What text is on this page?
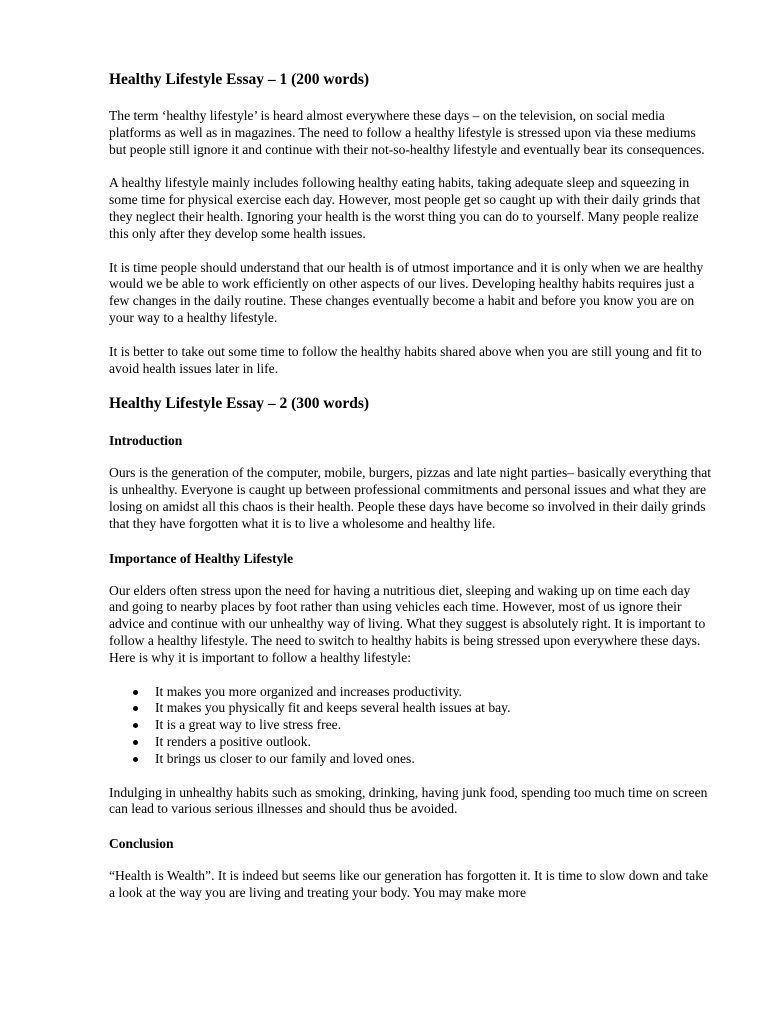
Healthy Lifestyle Essay – 1 (200 words)

The term ‘healthy lifestyle’ is heard almost everywhere these days – on the television, on social media platforms as well as in magazines. The need to follow a healthy lifestyle is stressed upon via these mediums but people still ignore it and continue with their not-so-healthy lifestyle and eventually bear its consequences.

A healthy lifestyle mainly includes following healthy eating habits, taking adequate sleep and squeezing in some time for physical exercise each day. However, most people get so caught up with their daily grinds that they neglect their health. Ignoring your health is the worst thing you can do to yourself. Many people realize this only after they develop some health issues.

It is time people should understand that our health is of utmost importance and it is only when we are healthy would we be able to work efficiently on other aspects of our lives. Developing healthy habits requires just a few changes in the daily routine. These changes eventually become a habit and before you know you are on your way to a healthy lifestyle.

It is better to take out some time to follow the healthy habits shared above when you are still young and fit to avoid health issues later in life.

Healthy Lifestyle Essay – 2 (300 words)
Introduction

Ours is the generation of the computer, mobile, burgers, pizzas and late night parties– basically everything that is unhealthy. Everyone is caught up between professional commitments and personal issues and what they are losing on amidst all this chaos is their health. People these days have become so involved in their daily grinds that they have forgotten what it is to live a wholesome and healthy life.

Importance of Healthy Lifestyle

Our elders often stress upon the need for having a nutritious diet, sleeping and waking up on time each day and going to nearby places by foot rather than using vehicles each time. However, most of us ignore their advice and continue with our unhealthy way of living. What they suggest is absolutely right. It is important to follow a healthy lifestyle. The need to switch to healthy habits is being stressed upon everywhere these days. Here is why it is important to follow a healthy lifestyle:

It makes you more organized and increases productivity.
It makes you physically fit and keeps several health issues at bay.
It is a great way to live stress free.
It renders a positive outlook.
It brings us closer to our family and loved ones.

Indulging in unhealthy habits such as smoking, drinking, having junk food, spending too much time on screen can lead to various serious illnesses and should thus be avoided.

Conclusion

“Health is Wealth”. It is indeed but seems like our generation has forgotten it. It is time to slow down and take a look at the way you are living and treating your body. You may make more
